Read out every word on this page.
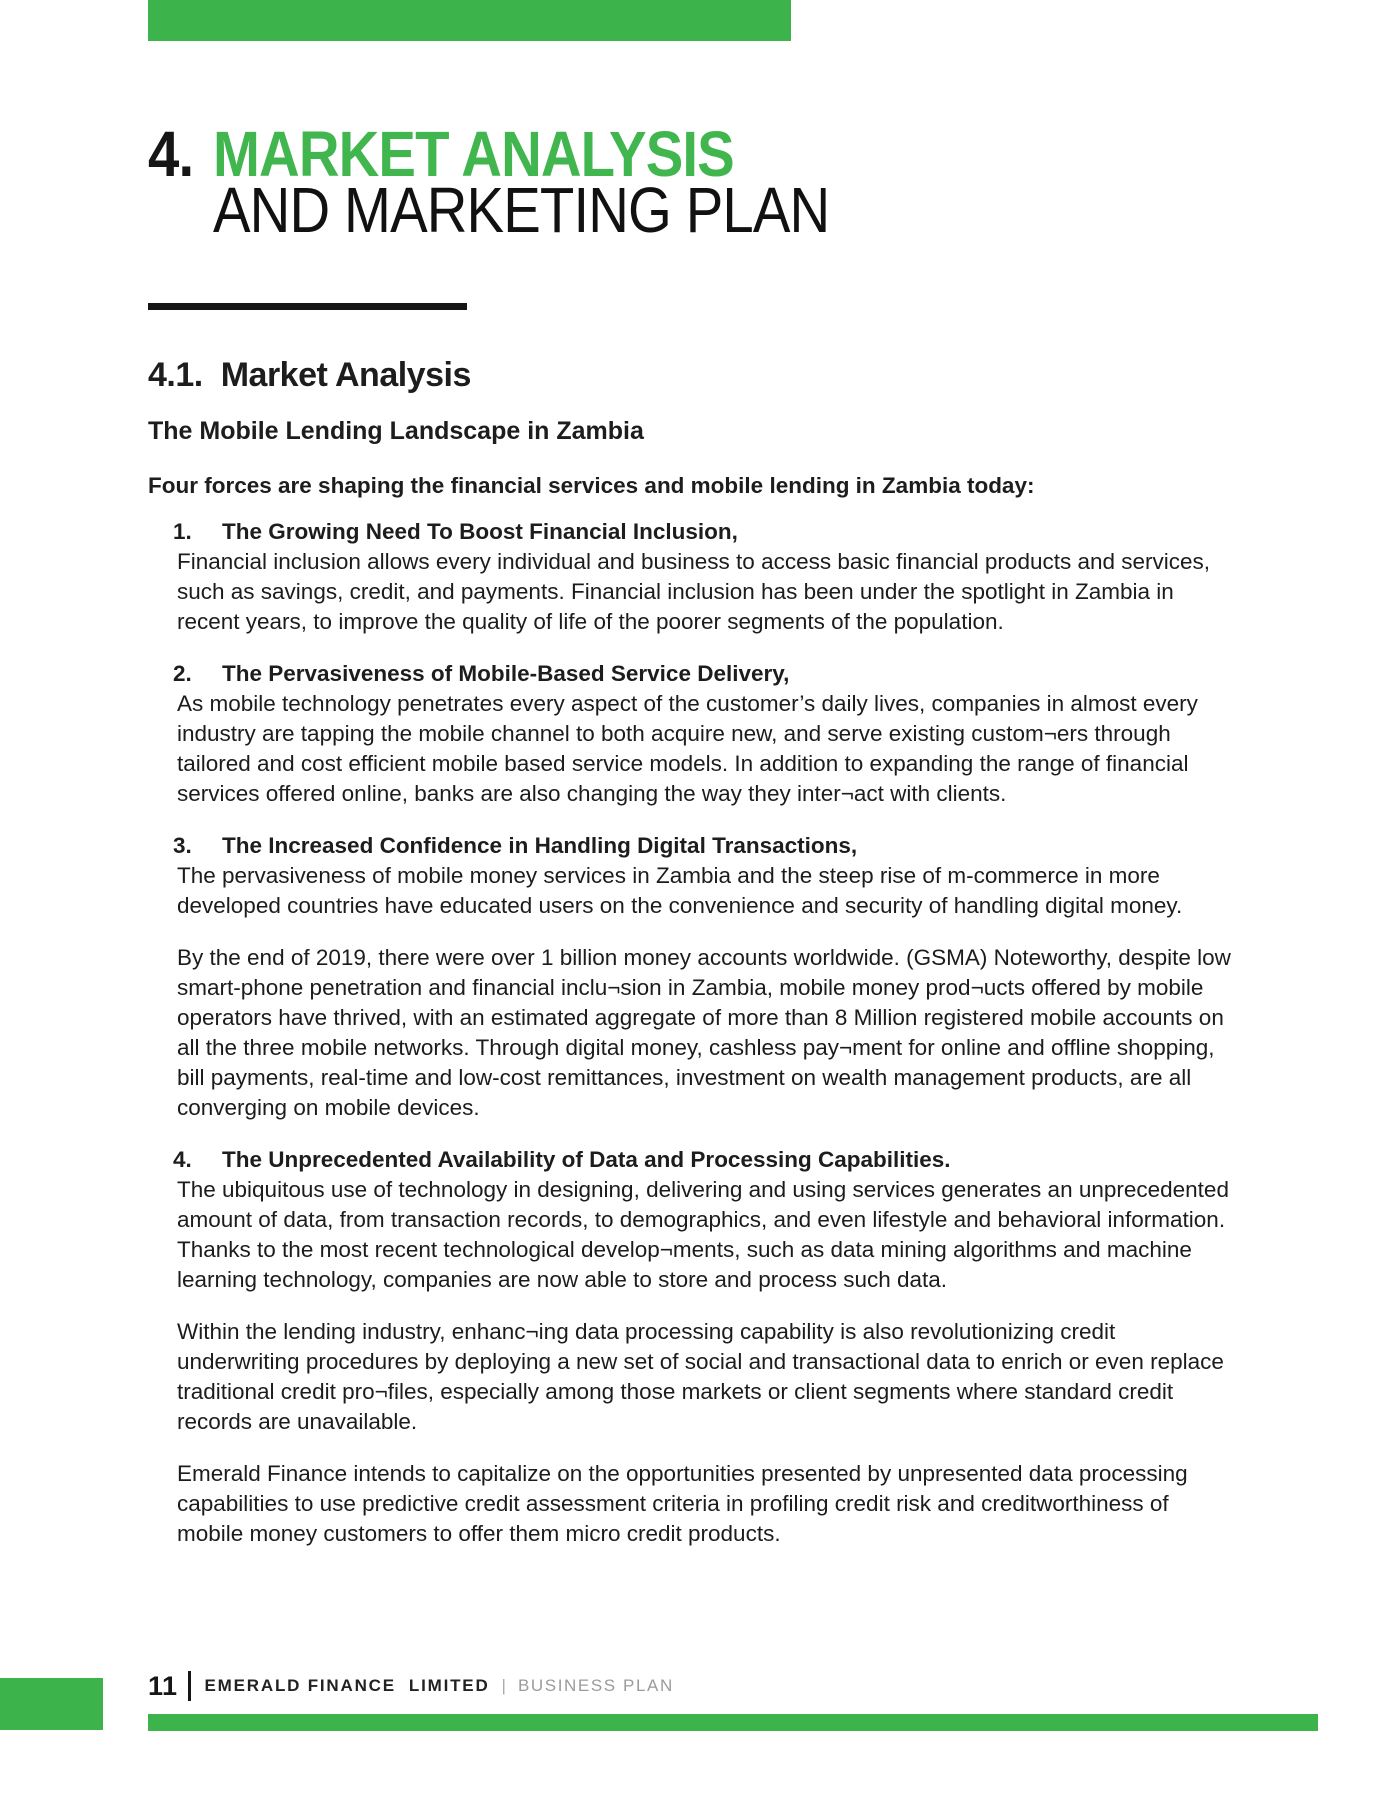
4. MARKET ANALYSIS
AND MARKETING PLAN
4.1. Market Analysis
The Mobile Lending Landscape in Zambia

Four forces are shaping the financial services and mobile lending in Zambia today:

1.	The Growing Need To Boost Financial Inclusion,

Financial inclusion allows every individual and business to access basic financial products and services, such as savings, credit, and payments. Financial inclusion has been under the spotlight in Zambia in recent years, to improve the quality of life of the poorer segments of the population.

2.	The Pervasiveness of Mobile-Based Service Delivery,

As mobile technology penetrates every aspect of the customer’s daily lives, companies in almost every industry are tapping the mobile channel to both acquire new, and serve existing custom¬ers through tailored and cost efficient mobile based service models. In addition to expanding the range of financial services offered online, banks are also changing the way they inter¬act with clients.

3.	The Increased Confidence in Handling Digital Transactions,

The pervasiveness of mobile money services in Zambia and the steep rise of m-commerce in more developed countries have educated users on the convenience and security of handling digital money.

By the end of 2019, there were over 1 billion money accounts worldwide. (GSMA) Noteworthy, despite low smart-phone penetration and financial inclu¬sion in Zambia, mobile money prod¬ucts offered by mobile operators have thrived, with an estimated aggregate of more than 8 Million registered mobile accounts on all the three mobile networks. Through digital money, cashless pay¬ment for online and offline shopping, bill payments, real-time and low-cost remittances, investment on wealth management products, are all converging on mobile devices.

4.	The Unprecedented Availability of Data and Processing Capabilities.

The ubiquitous use of technology in designing, delivering and using services generates an unprecedented amount of data, from transaction records, to demographics, and even lifestyle and behavioral information. Thanks to the most recent technological develop¬ments, such as data mining algorithms and machine learning technology, companies are now able to store and process such data.

Within the lending industry, enhanc¬ing data processing capability is also revolutionizing credit underwriting procedures by deploying a new set of social and transactional data to enrich or even replace traditional credit pro¬files, especially among those markets or client segments where standard credit records are unavailable.

Emerald Finance intends to capitalize on the opportunities presented by unpresented data processing capabilities to use predictive credit assessment criteria in profiling credit risk and creditworthiness of mobile money customers to offer them micro credit products.

11 EMERALD FINANCE  LIMITED | BUSINESS PLAN
